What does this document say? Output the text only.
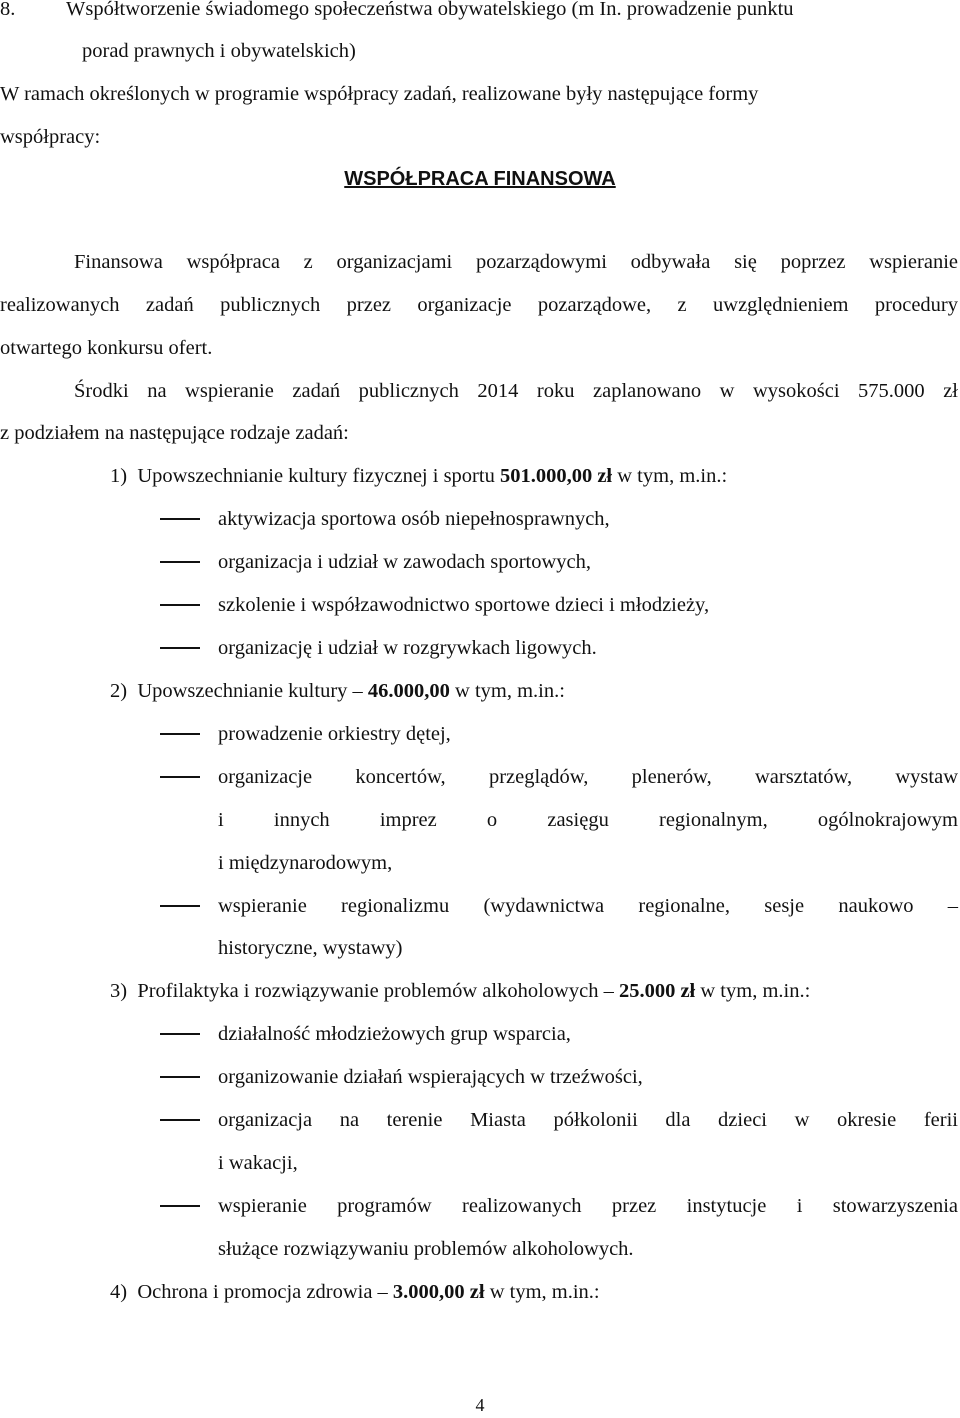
8. Współtworzenie świadomego społeczeństwa obywatelskiego (m In. prowadzenie punktu
porad prawnych i obywatelskich)
W ramach określonych w programie współpracy zadań, realizowane były następujące formy
współpracy:
WSPÓŁPRACA FINANSOWA
Finansowa współpraca z organizacjami pozarządowymi odbywała się poprzez wspieranie
realizowanych zadań publicznych przez organizacje pozarządowe, z uwzględnieniem procedury
otwartego konkursu ofert.
Środki na wspieranie zadań publicznych 2014 roku zaplanowano w wysokości 575.000 zł
z podziałem na następujące rodzaje zadań:
1) Upowszechnianie kultury fizycznej i sportu 501.000,00 zł w tym, m.in.:
aktywizacja sportowa osób niepełnosprawnych,
organizacja i udział w zawodach sportowych,
szkolenie i współzawodnictwo sportowe dzieci i młodzieży,
organizację i udział w rozgrywkach ligowych.
2) Upowszechnianie kultury – 46.000,00 w tym, m.in.:
prowadzenie orkiestry dętej,
organizacje koncertów, przeglądów, plenerów, warsztatów, wystaw
i innych imprez o zasięgu regionalnym, ogólnokrajowym
i międzynarodowym,
wspieranie regionalizmu (wydawnictwa regionalne, sesje naukowo –
historyczne, wystawy)
3) Profilaktyka i rozwiązywanie problemów alkoholowych – 25.000 zł w tym, m.in.:
działalność młodzieżowych grup wsparcia,
organizowanie działań wspierających w trzeźwości,
organizacja na terenie Miasta półkolonii dla dzieci w okresie ferii
i wakacji,
wspieranie programów realizowanych przez instytucje i stowarzyszenia
służące rozwiązywaniu problemów alkoholowych.
4) Ochrona i promocja zdrowia – 3.000,00 zł w tym, m.in.:
4
